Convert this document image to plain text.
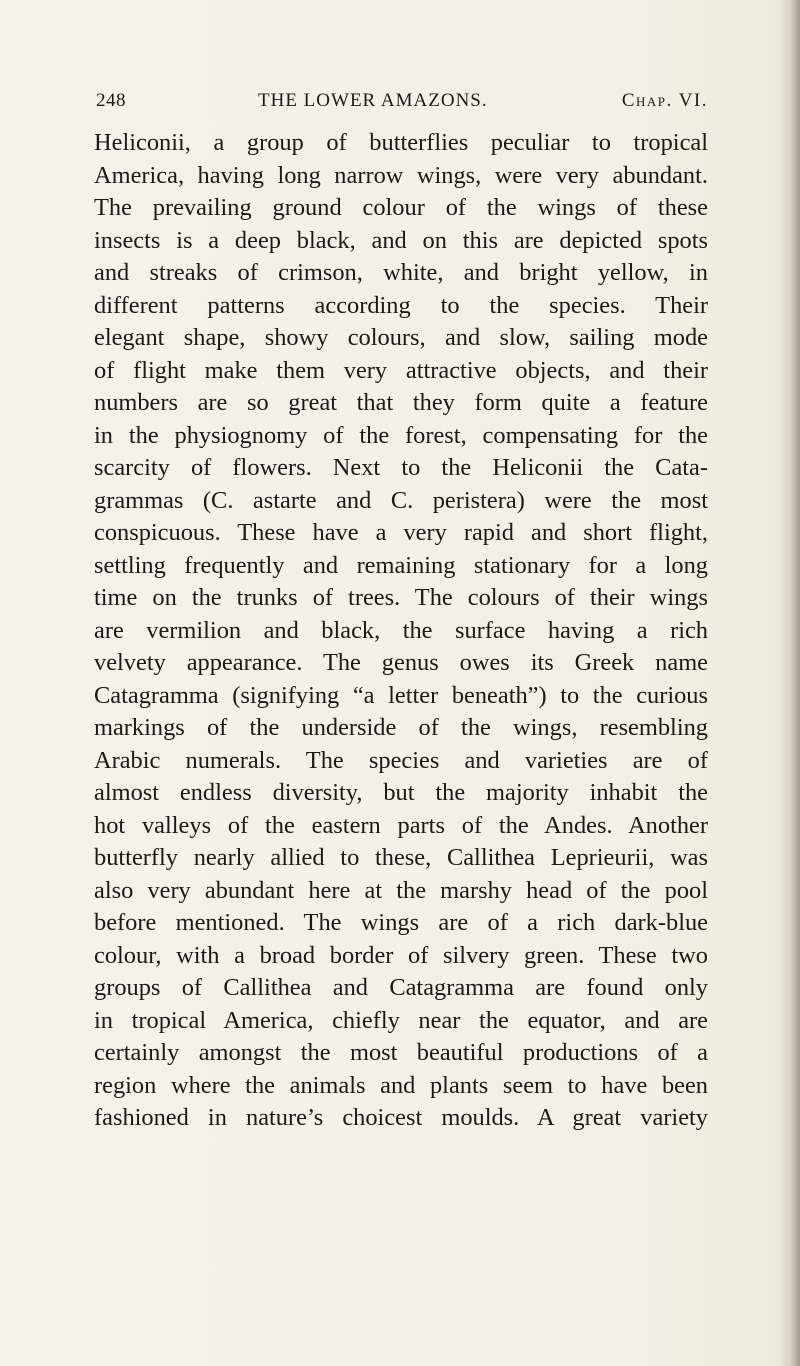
248	THE LOWER AMAZONS.	Chap. VI.
Heliconii, a group of butterflies peculiar to tropical
America, having long narrow wings, were very abundant.
The prevailing ground colour of the wings of these
insects is a deep black, and on this are depicted spots
and streaks of crimson, white, and bright yellow, in
different patterns according to the species. Their
elegant shape, showy colours, and slow, sailing mode
of flight make them very attractive objects, and their
numbers are so great that they form quite a feature
in the physiognomy of the forest, compensating for the
scarcity of flowers. Next to the Heliconii the Cata-
grammas (C. astarte and C. peristera) were the most
conspicuous. These have a very rapid and short flight,
settling frequently and remaining stationary for a long
time on the trunks of trees. The colours of their wings
are vermilion and black, the surface having a rich
velvety appearance. The genus owes its Greek name
Catagramma (signifying “a letter beneath”) to the curious
markings of the underside of the wings, resembling
Arabic numerals. The species and varieties are of
almost endless diversity, but the majority inhabit the
hot valleys of the eastern parts of the Andes. Another
butterfly nearly allied to these, Callithea Leprieurii, was
also very abundant here at the marshy head of the pool
before mentioned. The wings are of a rich dark-blue
colour, with a broad border of silvery green. These two
groups of Callithea and Catagramma are found only
in tropical America, chiefly near the equator, and are
certainly amongst the most beautiful productions of a
region where the animals and plants seem to have been
fashioned in nature’s choicest moulds. A great variety
